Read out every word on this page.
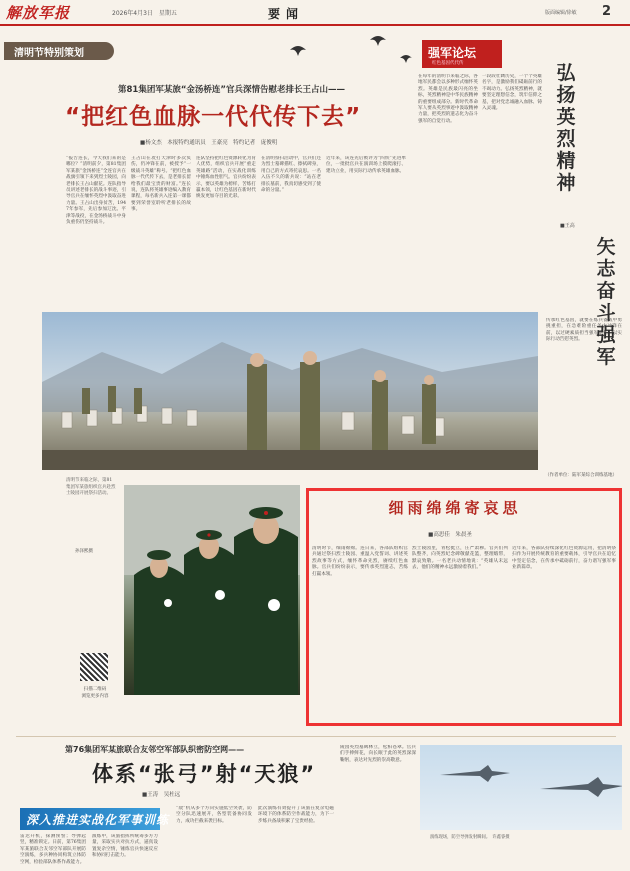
解放军报	2026年4月3日　星期五	要闻	版面编辑/徐敏 2
清明节特别策划
第81集团军某旅“金汤桥连”官兵深情告慰老排长王占山——
“把红色血脉一代代传下去”
■杨文杰　本报特约通讯员　王豪亮　特约记者　庞俊明
“报告连长，今天我们来的是哪位？”清明前夕，第81集团军某旅“金汤桥连”全连官兵在战旗引领下来到烈士陵园，向老排长王占山献花。连队指导员讲述老排长的战斗事迹，引导官兵在缅怀英烈中汲取奋进力量。王占山出身贫苦，1947年参军，先后参加辽沈、平津等战役，在金汤桥战斗中身负重伤仍坚持战斗。
王占山在攻打天津时多次负伤，仍冲锋在前，被授予“一级战斗英雄”称号。“把红色血脉一代代传下去，是老排长留给我们最宝贵的财富。”连长说，连队将英雄事迹编入教育课程，每名新兵入连第一课都要到荣誉室聆听老排长的故事。
连队坚持把红色资源转化为育人优势，组织官兵开展“重走英雄路”活动，在实战化训练中锤炼血性胆气。官兵纷纷表示，要以英雄为榜样，苦练打赢本领，让红色基因在新时代焕发更加夺目的光彩。
在清明祭扫活动中，官兵们还为烈士墓碑描红、擦拭碑身，用自己的方式寄托哀思。一名入伍不久的新兵说：“站在老排长墓前，我真切感受到了使命的分量。”
近年来，该连先后被评为“四铁”先进单位，一批批官兵在演训场上摸爬滚打、建功立业，用实际行动传承英雄血脉。
强军论坛
红色基因代代传	弘扬英烈精神
矢志奋斗强军
■王高
在每年的清明节来临之际，各地军民都会以多种形式缅怀英烈。英雄是民族最闪亮的坐标，英烈精神是中华民族精神的重要组成部分。新时代革命军人要从英烈事迹中汲取精神力量，把英烈的遗志化为奋斗强军的自觉行动。
一段段壮阔历史，一个个英雄名字，是激励我们砥砺前行的不竭动力。弘扬英烈精神，就要坚定理想信念，筑牢信仰之基，把对党忠诚融入血脉、铸入灵魂。
传承红色基因，就要在练兵备战中勇挑重担，在急难险重任务中冲锋在前，以过硬素质担当强军重任，以实际行动告慰英烈。
（作者单位：陆军某综合训练基地）
清明节来临之际，第81集团军某旅组织官兵赴烈士陵园开展祭扫活动。
孙泽熙摄
扫描二维码
浏览更多内容
细雨绵绵寄哀思
■高思佳　朱晨圣
清明时节，细雨绵绵。连日来，各部队组织官兵通过祭扫烈士陵园、重温入党誓词、讲述英烈故事等方式，缅怀革命先烈，赓续红色血脉。官兵们纷纷表示，要传承英烈遗志，苦练打赢本领。
烈士陵园里，青松挺立，庄严肃穆。官兵们列队整齐，向英烈纪念碑敬献花篮，整理缎带，默哀致敬。一名老兵动情地说：“英雄从未远去，他们的精神永远激励着我们。”
近年来，各部队持续深化红色资源运用，把清明祭扫作为开展传统教育的重要载体，引导官兵在追忆中坚定信念，在传承中砥砺前行，奋力谱写强军事业新篇章。
第76集团军某旅联合友邻空军部队织密防空网——
体系“张弓”射“天狼”
■王涛　吴杜远
深入推进实战化军事训练
雷达开机，探测预警；导弹起竖，精准锁定。日前，第76集团军某旅联合友邻空军部队开展防空演练，多兵种协同构筑立体防空网，检验部队体系作战能力。
演练中，该旅指挥所统筹多方力量，采取实兵对抗方式，逼真设置复杂空情，锤炼官兵快速反应和协同打击能力。
“敌”机从多个方向实施低空突袭，防空分队迅速展开，各型装备协同发力，成功拦截来袭目标。
此次演练有效提升了该旅在复杂电磁环境下的体系防空作战能力，为下一步练兵备战积累了宝贵经验。
陵园英烈墓碑林立，松柏苍翠。官兵们手捧鲜花，向长眠于此的英烈深深鞠躬，表达对先烈的崇高敬意。
演练现场，防空导弹发射瞬间。　许鑫睿摄
